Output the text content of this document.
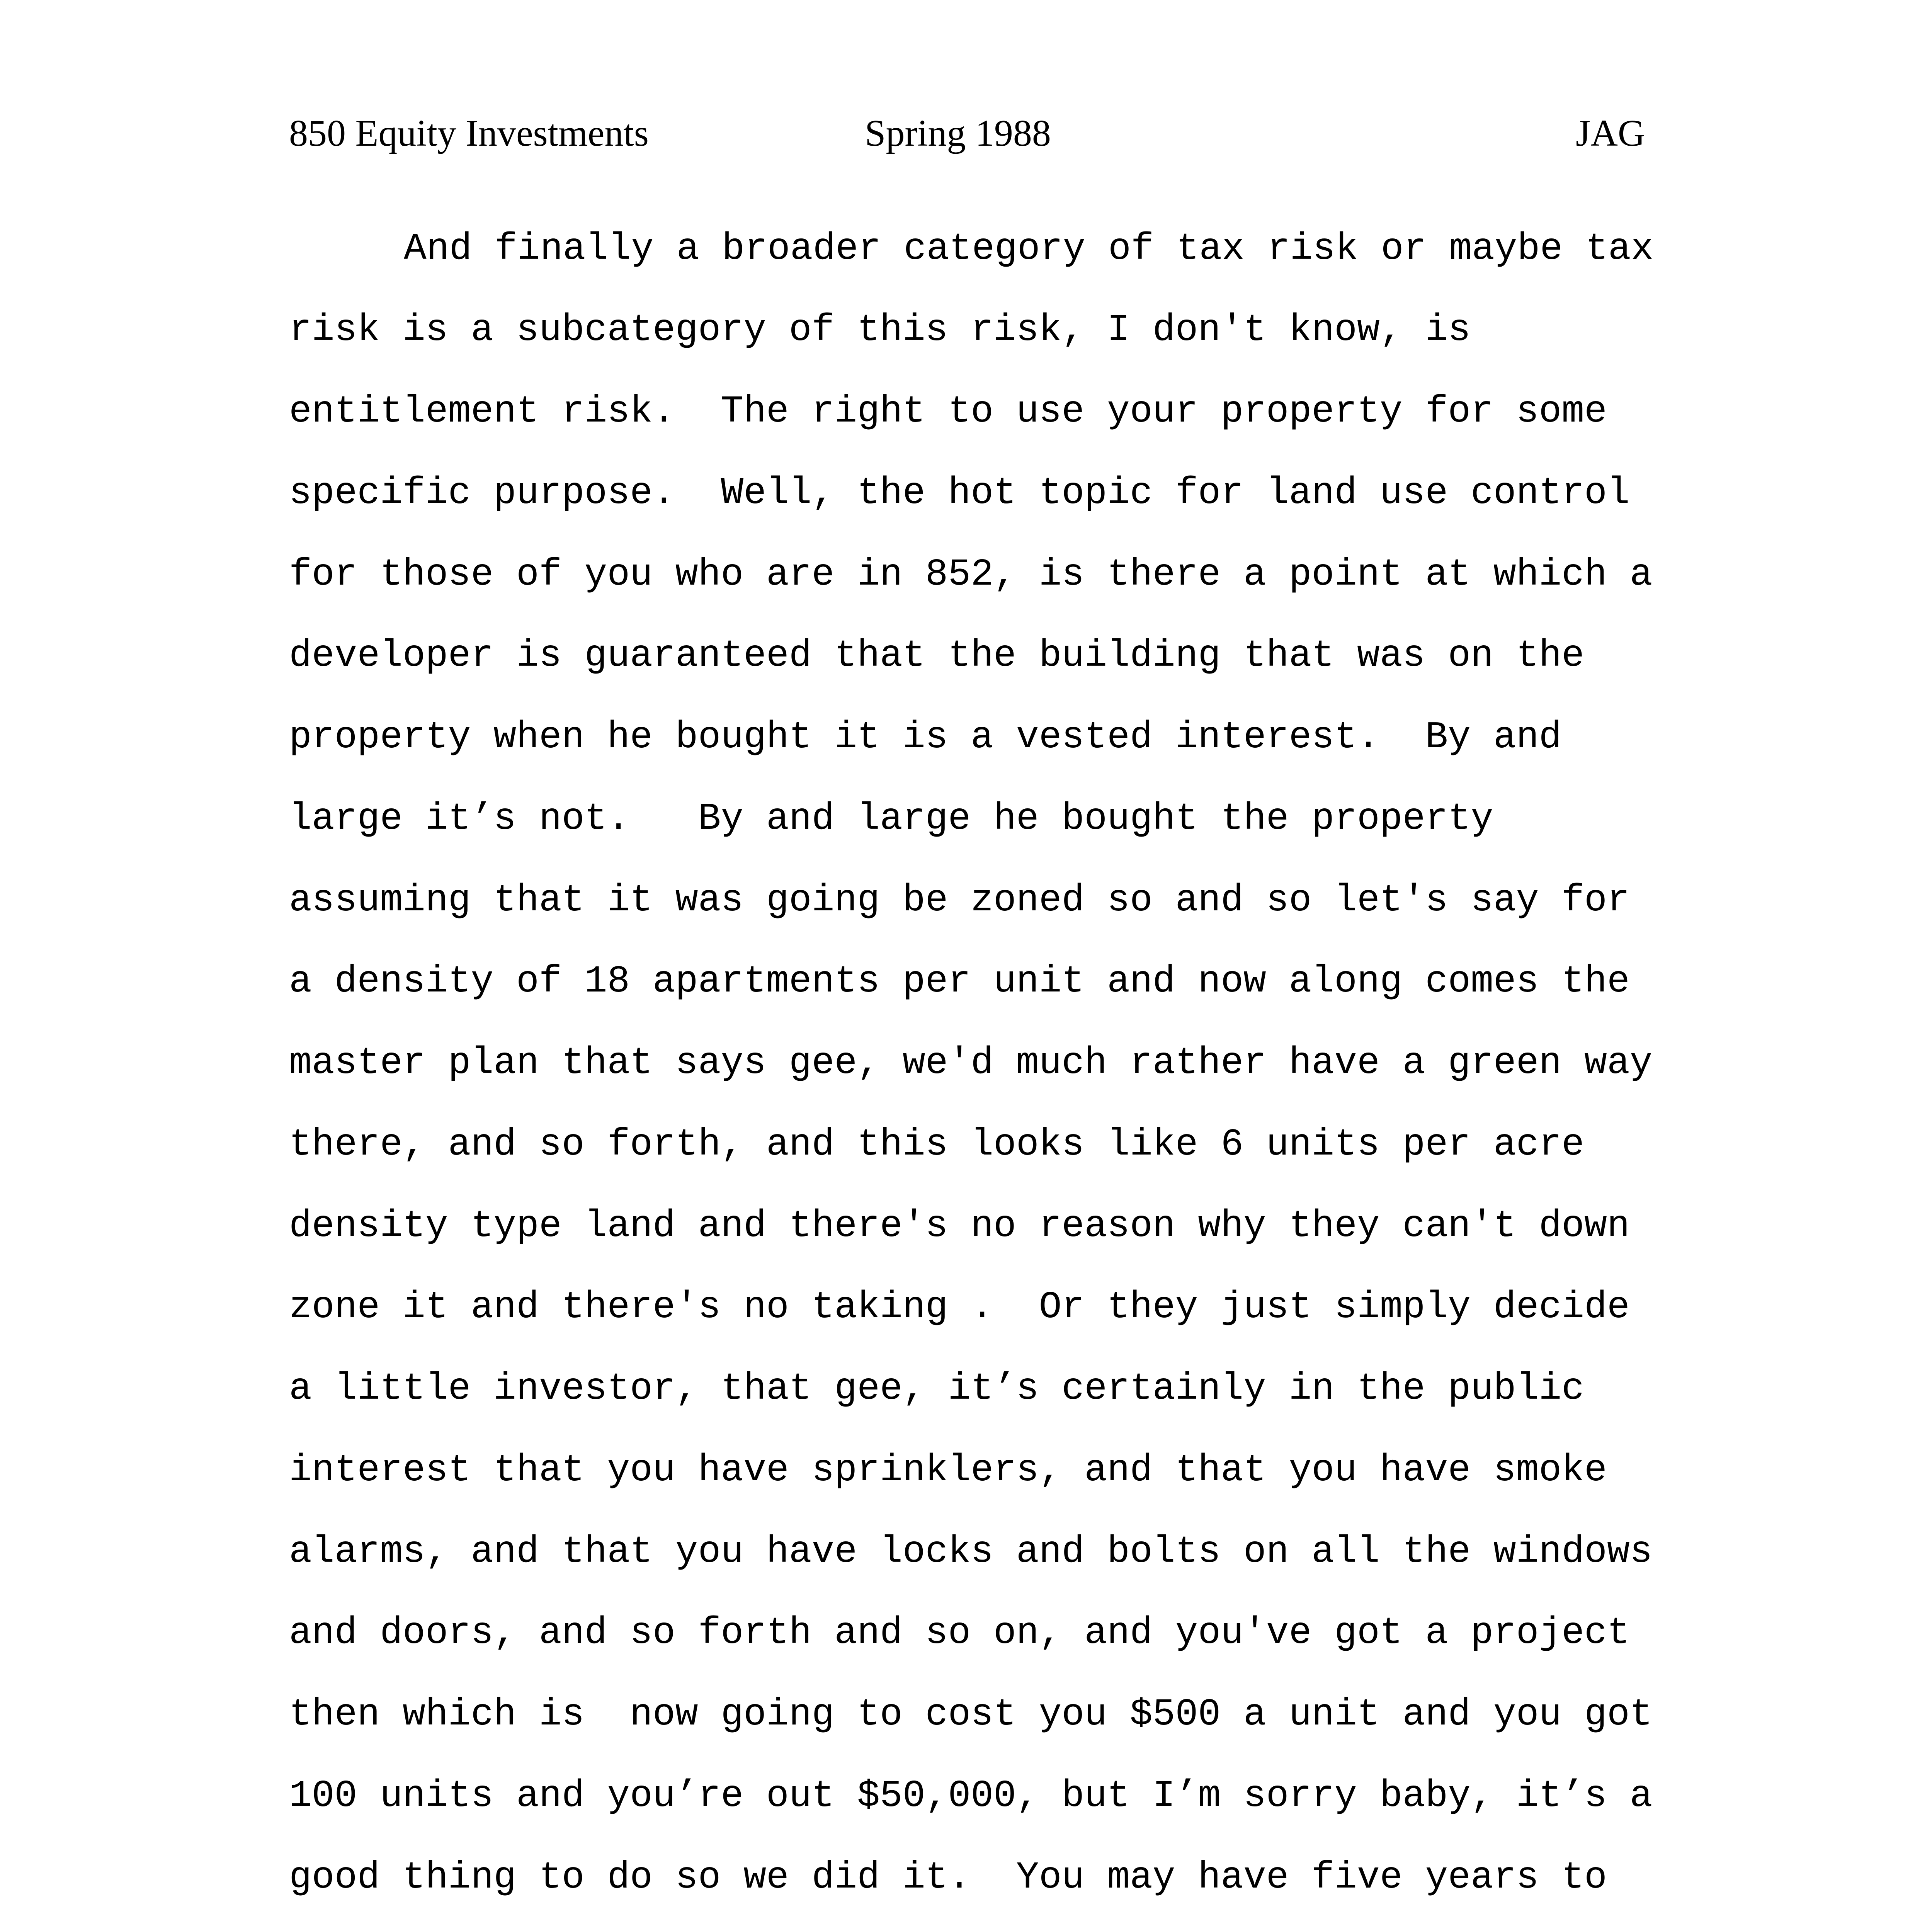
850 Equity Investments	Spring 1988	JAG
And finally a broader category of tax risk or maybe tax
risk is a subcategory of this risk, I don't know, is
entitlement risk.  The right to use your property for some
specific purpose.  Well, the hot topic for land use control
for those of you who are in 852, is there a point at which a
developer is guaranteed that the building that was on the
property when he bought it is a vested interest.  By and
large it’s not.   By and large he bought the property
assuming that it was going be zoned so and so let's say for
a density of 18 apartments per unit and now along comes the
master plan that says gee, we'd much rather have a green way
there, and so forth, and this looks like 6 units per acre
density type land and there's no reason why they can't down
zone it and there's no taking .  Or they just simply decide
a little investor, that gee, it’s certainly in the public
interest that you have sprinklers, and that you have smoke
alarms, and that you have locks and bolts on all the windows
and doors, and so forth and so on, and you've got a project
then which is  now going to cost you $500 a unit and you got
100 units and you’re out $50,000, but I’m sorry baby, it’s a
good thing to do so we did it.  You may have five years to
